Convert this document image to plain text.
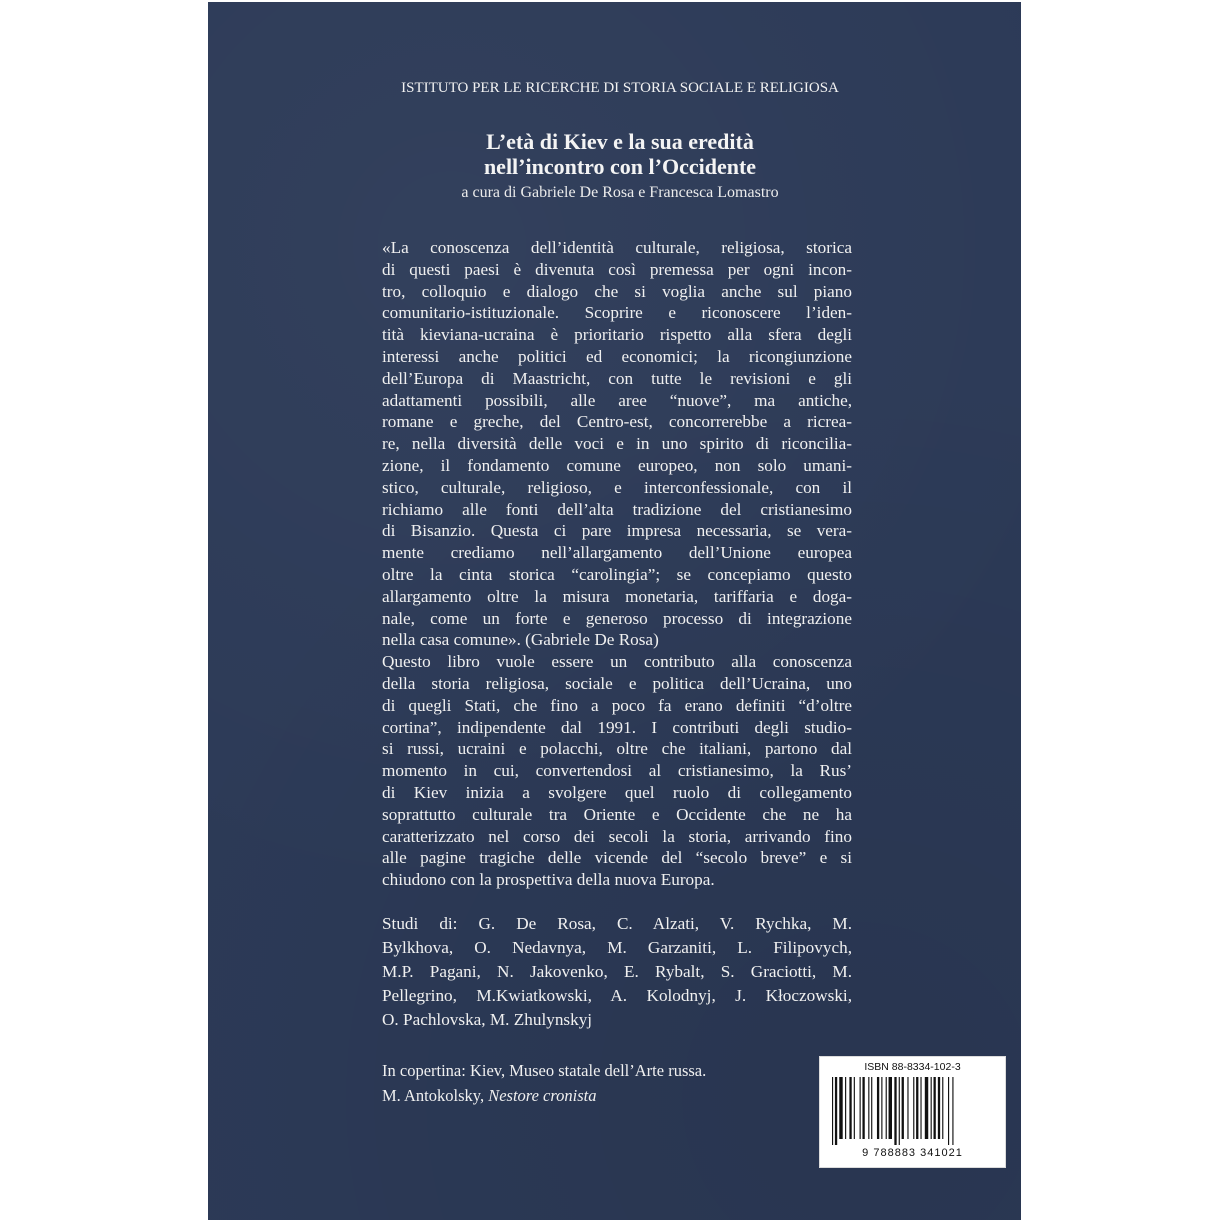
ISTITUTO PER LE RICERCHE DI STORIA SOCIALE E RELIGIOSA
L’età di Kiev e la sua eredità
nell’incontro con l’Occidente
a cura di Gabriele De Rosa e Francesca Lomastro
«La conoscenza dell’identità culturale, religiosa, storica
di questi paesi è divenuta così premessa per ogni incon-
tro, colloquio e dialogo che si voglia anche sul piano
comunitario-istituzionale. Scoprire e riconoscere l’iden-
tità kieviana-ucraina è prioritario rispetto alla sfera degli
interessi anche politici ed economici; la ricongiunzione
dell’Europa di Maastricht, con tutte le revisioni e gli
adattamenti possibili, alle aree “nuove”, ma antiche,
romane e greche, del Centro-est, concorrerebbe a ricrea-
re, nella diversità delle voci e in uno spirito di riconcilia-
zione, il fondamento comune europeo, non solo umani-
stico, culturale, religioso, e interconfessionale, con il
richiamo alle fonti dell’alta tradizione del cristianesimo
di Bisanzio. Questa ci pare impresa necessaria, se vera-
mente crediamo nell’allargamento dell’Unione europea
oltre la cinta storica “carolingia”; se concepiamo questo
allargamento oltre la misura monetaria, tariffaria e doga-
nale, come un forte e generoso processo di integrazione
nella casa comune». (Gabriele De Rosa)
Questo libro vuole essere un contributo alla conoscenza
della storia religiosa, sociale e politica dell’Ucraina, uno
di quegli Stati, che fino a poco fa erano definiti “d’oltre
cortina”, indipendente dal 1991. I contributi degli studio-
si russi, ucraini e polacchi, oltre che italiani, partono dal
momento in cui, convertendosi al cristianesimo, la Rus’
di Kiev inizia a svolgere quel ruolo di collegamento
soprattutto culturale tra Oriente e Occidente che ne ha
caratterizzato nel corso dei secoli la storia, arrivando fino
alle pagine tragiche delle vicende del “secolo breve” e si
chiudono con la prospettiva della nuova Europa.
Studi di: G. De Rosa, C. Alzati, V. Rychka, M.
Bylkhova, O. Nedavnya, M. Garzaniti, L. Filipovych,
M.P. Pagani, N. Jakovenko, E. Rybalt, S. Graciotti, M.
Pellegrino, M.Kwiatkowski, A. Kolodnyj, J. Kłoczowski,
O. Pachlovska, M. Zhulynskyj
In copertina: Kiev, Museo statale dell’Arte russa.
M. Antokolsky, Nestore cronista
ISBN 88-8334-102-3
9 788883 341021
